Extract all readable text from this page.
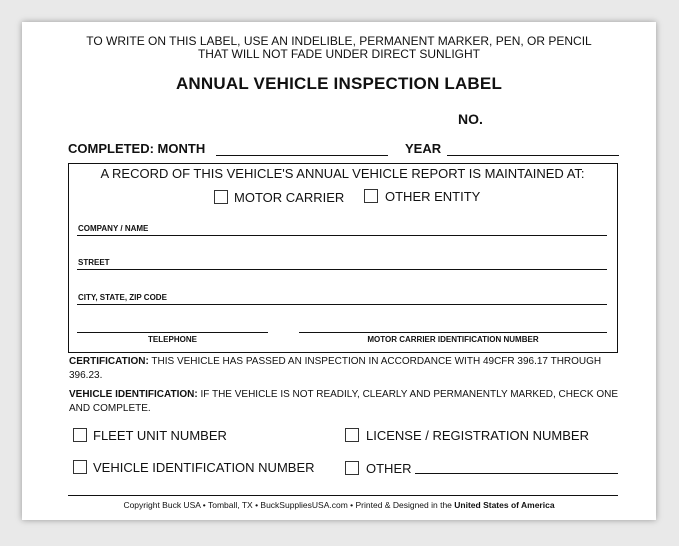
TO WRITE ON THIS LABEL, USE AN INDELIBLE, PERMANENT MARKER, PEN, OR PENCIL
THAT WILL NOT FADE UNDER DIRECT SUNLIGHT
ANNUAL VEHICLE INSPECTION LABEL
NO.
COMPLETED: MONTH	YEAR
A RECORD OF THIS VEHICLE'S ANNUAL VEHICLE REPORT IS MAINTAINED AT:
MOTOR CARRIER	OTHER ENTITY
COMPANY / NAME
STREET
CITY, STATE, ZIP CODE
TELEPHONE	MOTOR CARRIER IDENTIFICATION NUMBER
CERTIFICATION: THIS VEHICLE HAS PASSED AN INSPECTION IN ACCORDANCE WITH 49CFR 396.17 THROUGH 396.23.
VEHICLE IDENTIFICATION: IF THE VEHICLE IS NOT READILY, CLEARLY AND PERMANENTLY MARKED, CHECK ONE AND COMPLETE.
FLEET UNIT NUMBER	LICENSE / REGISTRATION NUMBER
VEHICLE IDENTIFICATION NUMBER	OTHER
Copyright Buck USA • Tomball, TX • BuckSuppliesUSA.com • Printed & Designed in the United States of America
